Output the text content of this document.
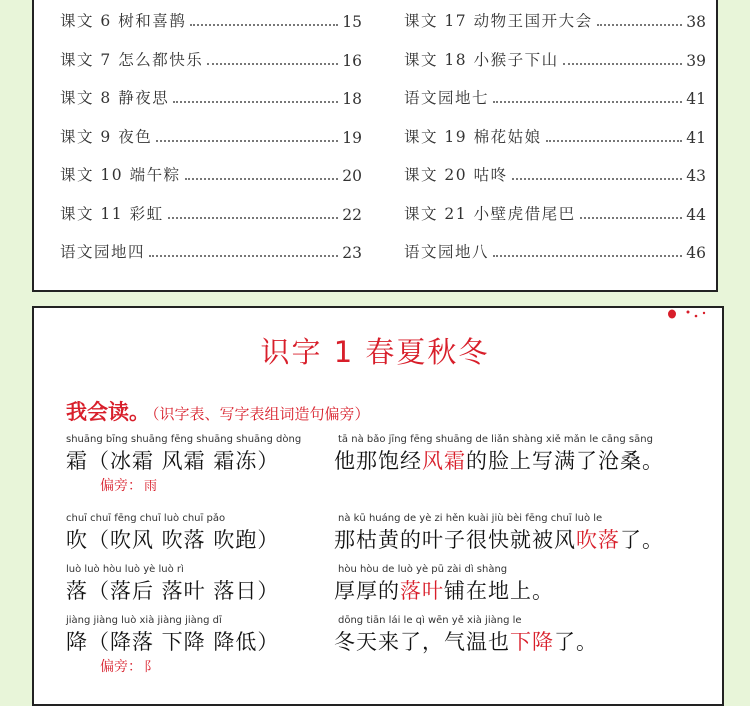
课文 6 树和喜鹊	15
课文 7 怎么都快乐	16
课文 8 静夜思	18
课文 9 夜色	19
课文 10 端午粽	20
课文 11 彩虹	22
语文园地四	23
课文 17 动物王国开大会	38
课文 18 小猴子下山	39
语文园地七	41
课文 19 棉花姑娘	41
课文 20 咕咚	43
课文 21 小壁虎借尾巴	44
语文园地八	46
识字 1 春夏秋冬
我会读。 （识字表、写字表组词造句偏旁）
shuāng bīng shuāng fēng shuāng shuāng dòng
霜（冰霜 风霜 霜冻）
tā nà bǎo jīng fēng shuāng de liǎn shàng xiě mǎn le cāng sāng
他那饱经风霜的脸上写满了沧桑。
偏旁： 雨
chuī chuī fēng chuī luò chuī pǎo
吹（吹风 吹落 吹跑）
nà kū huáng de yè zi hěn kuài jiù bèi fēng chuī luò le
那枯黄的叶子很快就被风吹落了。
luò luò hòu luò yè luò rì
落（落后 落叶 落日）
hòu hòu de luò yè pū zài dì shàng
厚厚的落叶铺在地上。
jiàng jiàng luò xià jiàng jiàng dī
降（降落 下降 降低）
dōng tiān lái le qì wēn yě xià jiàng le
冬天来了，气温也下降了。
偏旁： 阝
